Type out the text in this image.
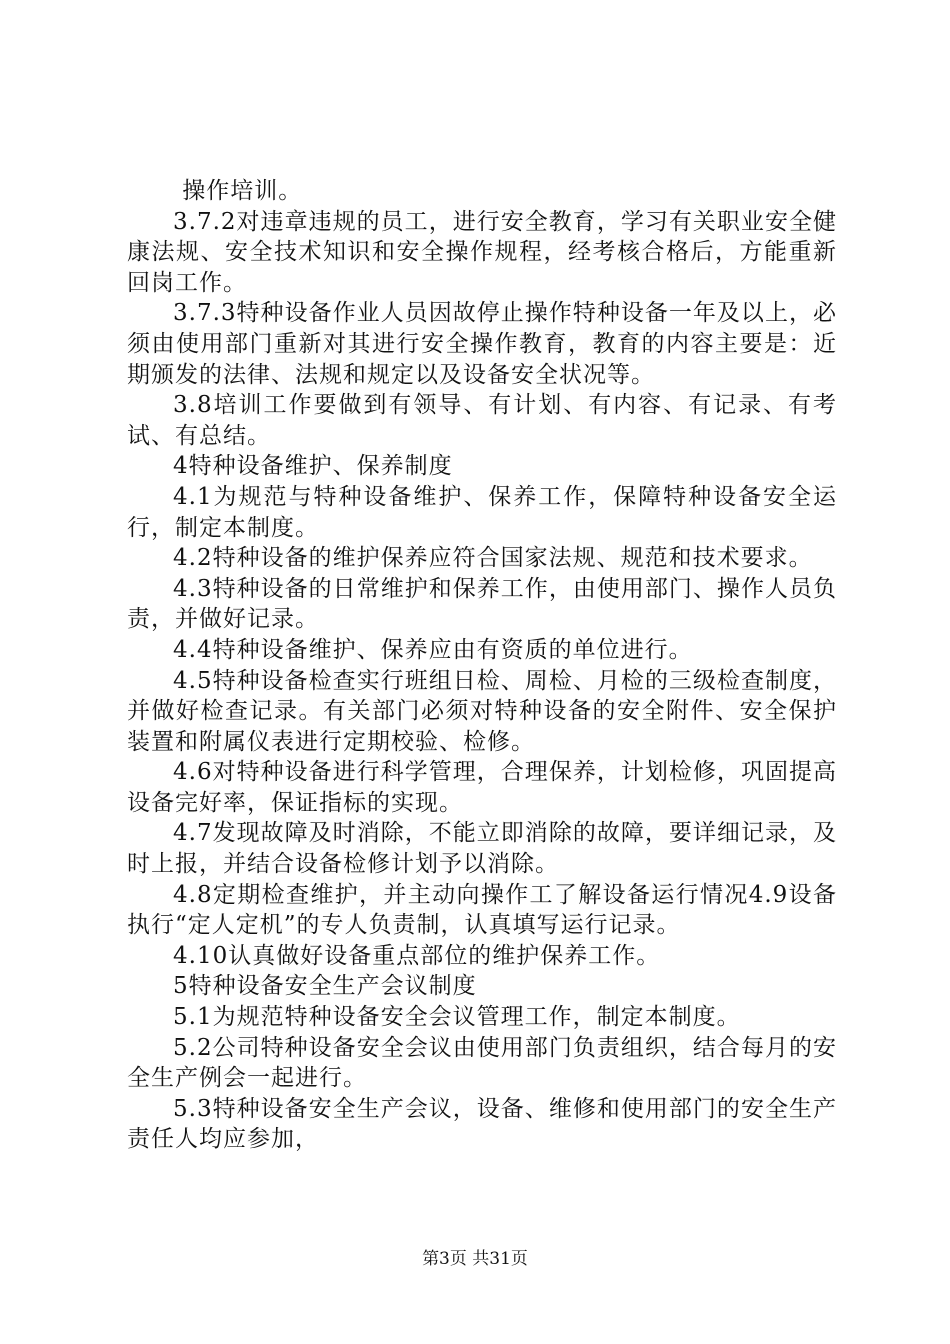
操作培训。

3.7.2对违章违规的员工，进行安全教育，学习有关职业安全健康法规、安全技术知识和安全操作规程，经考核合格后，方能重新回岗工作。

3.7.3特种设备作业人员因故停止操作特种设备一年及以上，必须由使用部门重新对其进行安全操作教育，教育的内容主要是：近期颁发的法律、法规和规定以及设备安全状况等。

3.8培训工作要做到有领导、有计划、有内容、有记录、有考试、有总结。

4特种设备维护、保养制度

4.1为规范与特种设备维护、保养工作，保障特种设备安全运行，制定本制度。

4.2特种设备的维护保养应符合国家法规、规范和技术要求。

4.3特种设备的日常维护和保养工作，由使用部门、操作人员负责，并做好记录。

4.4特种设备维护、保养应由有资质的单位进行。

4.5特种设备检查实行班组日检、周检、月检的三级检查制度，并做好检查记录。有关部门必须对特种设备的安全附件、安全保护装置和附属仪表进行定期校验、检修。

4.6对特种设备进行科学管理，合理保养，计划检修，巩固提高设备完好率，保证指标的实现。

4.7发现故障及时消除，不能立即消除的故障，要详细记录，及时上报，并结合设备检修计划予以消除。

4.8定期检查维护，并主动向操作工了解设备运行情况4.9设备执行“定人定机”的专人负责制，认真填写运行记录。

4.10认真做好设备重点部位的维护保养工作。

5特种设备安全生产会议制度

5.1为规范特种设备安全会议管理工作，制定本制度。

5.2公司特种设备安全会议由使用部门负责组织，结合每月的安全生产例会一起进行。

5.3特种设备安全生产会议，设备、维修和使用部门的安全生产责任人均应参加，

第3页 共31页
